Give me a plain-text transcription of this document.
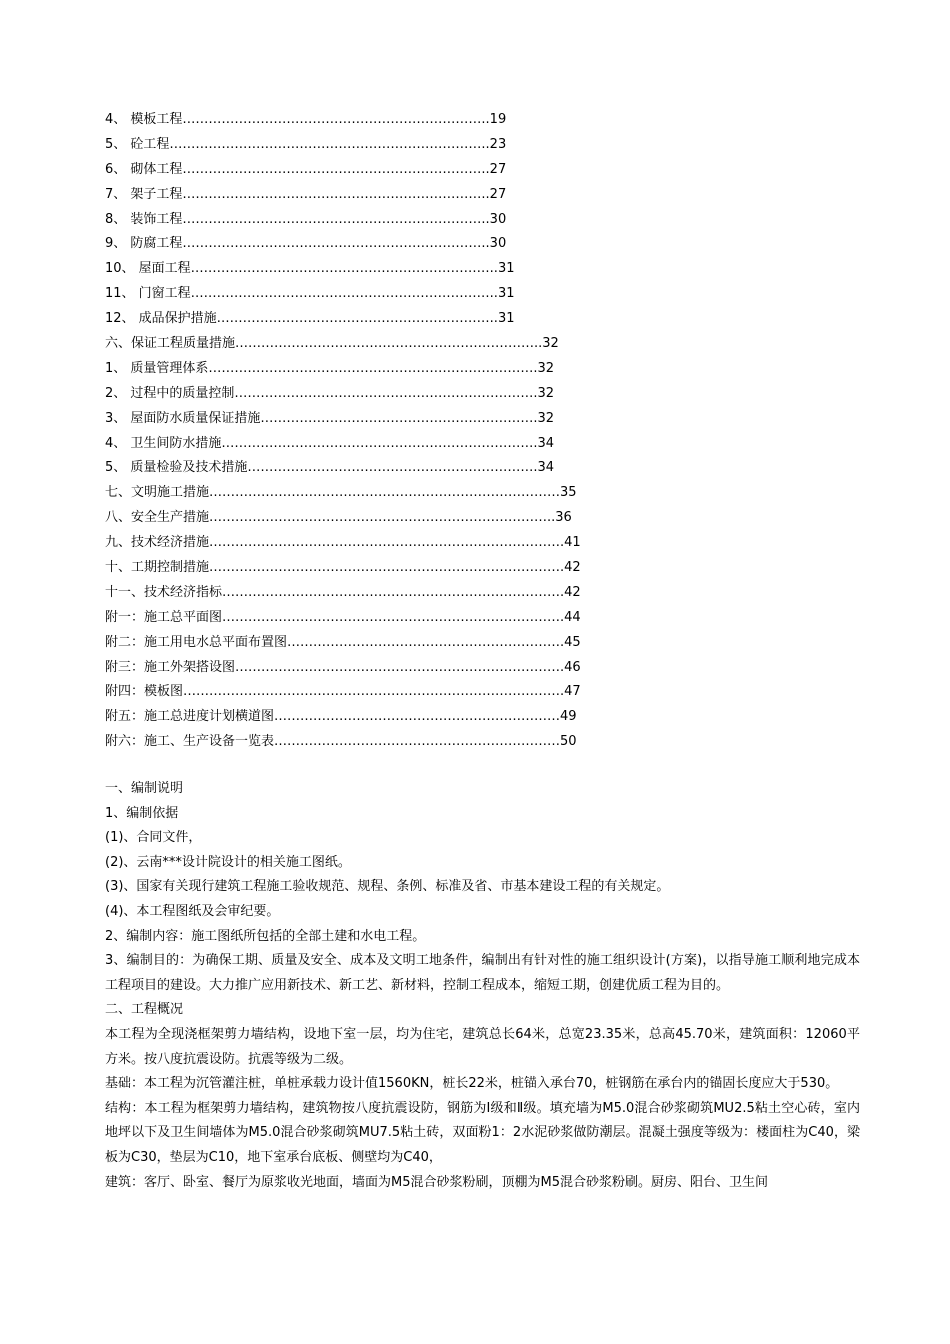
4、 模板工程……………………………………………………………..19
5、 砼工程………………………………………………………………..23
6、 砌体工程……………………………………………………………..27
7、 架子工程……………………………………………………………..27
8、 装饰工程……………………………………………………………..30
9、 防腐工程……………………………………………………………..30
10、 屋面工程……………………………………………………………..31
11、 门窗工程……………………………………………………………..31
12、 成品保护措施………………………………………………………..31
六、保证工程质量措施……………………………………………………………..32
1、 质量管理体系………………………………………………………………….32
2、 过程中的质量控制…………………………………………………………….32
3、 屋面防水质量保证措施……………………………………………………….32
4、 卫生间防水措施……………………………………………………………….34
5、 质量检验及技术措施………………………………………………………….34
七、文明施工措施………………………………………………………………………35
八、安全生产措施……………………………………………………………………..36
九、技术经济措施……………………………………………………………………….41
十、工期控制措施……………………………………………………………………….42
十一、技术经济指标…………………………………………………………………….42
附一：施工总平面图…………………………………………………………………….44
附二：施工用电水总平面布置图……………………………………………………….45
附三：施工外架搭设图………………………………………………………………….46
附四：模板图…………………………………………………………………………….47
附五：施工总进度计划横道图…………………………………………………………49
附六：施工、生产设备一览表…………………………………………………………50

一、编制说明

1、编制依据

(1)、合同文件，

(2)、云南***设计院设计的相关施工图纸。

(3)、国家有关现行建筑工程施工验收规范、规程、条例、标准及省、市基本建设工程的有关规定。

(4)、本工程图纸及会审纪要。

2、编制内容：施工图纸所包括的全部土建和水电工程。

3、编制目的：为确保工期、质量及安全、成本及文明工地条件，编制出有针对性的施工组织设计(方案)，以指导施工顺利地完成本工程项目的建设。大力推广应用新技术、新工艺、新材料，控制工程成本，缩短工期，创建优质工程为目的。

二、工程概况

本工程为全现浇框架剪力墙结构，设地下室一层，均为住宅，建筑总长64米，总宽23.35米，总高45.70米，建筑面积：12060平方米。按八度抗震设防。抗震等级为二级。

基础：本工程为沉管灌注桩，单桩承载力设计值1560KN，桩长22米，桩锚入承台70，桩钢筋在承台内的锚固长度应大于530。

结构：本工程为框架剪力墙结构，建筑物按八度抗震设防，钢筋为Ⅰ级和Ⅱ级。填充墙为M5.0混合砂浆砌筑MU2.5粘土空心砖，室内地坪以下及卫生间墙体为M5.0混合砂浆砌筑MU7.5粘土砖，双面粉1：2水泥砂浆做防潮层。混凝土强度等级为：楼面柱为C40，梁板为C30，垫层为C10，地下室承台底板、侧壁均为C40，

建筑：客厅、卧室、餐厅为原浆收光地面，墙面为M5混合砂浆粉刷，顶棚为M5混合砂浆粉刷。厨房、阳台、卫生间
